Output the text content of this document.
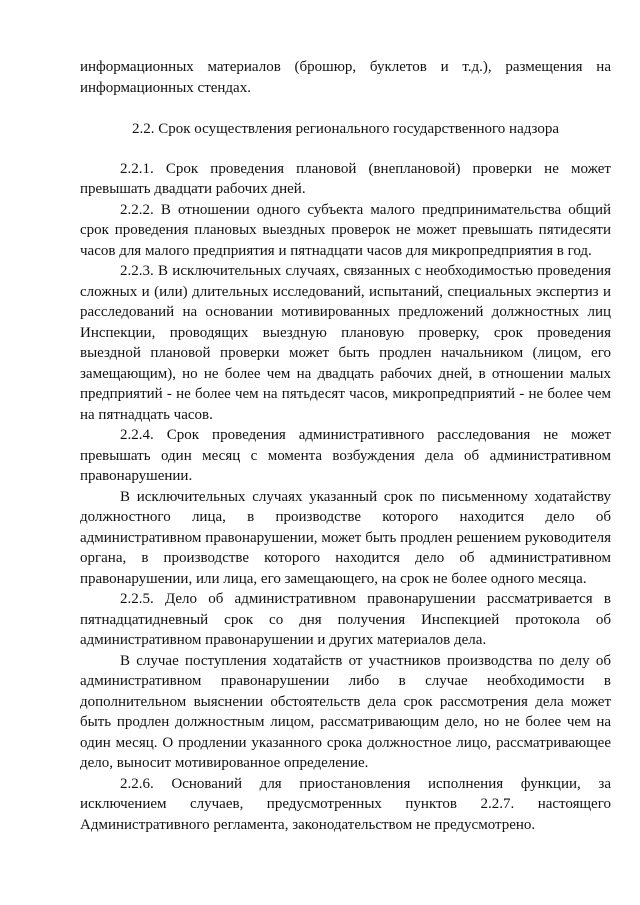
информационных материалов (брошюр, буклетов и т.д.), размещения на информационных стендах.

2.2. Срок осуществления регионального государственного надзора

2.2.1. Срок проведения плановой (внеплановой) проверки не может превышать двадцати рабочих дней.

2.2.2. В отношении одного субъекта малого предпринимательства общий срок проведения плановых выездных проверок не может превышать пятидесяти часов для малого предприятия и пятнадцати часов для микропредприятия в год.

2.2.3. В исключительных случаях, связанных с необходимостью проведения сложных и (или) длительных исследований, испытаний, специальных экспертиз и расследований на основании мотивированных предложений должностных лиц Инспекции, проводящих выездную плановую проверку, срок проведения выездной плановой проверки может быть продлен начальником (лицом, его замещающим), но не более чем на двадцать рабочих дней, в отношении малых предприятий - не более чем на пятьдесят часов, микропредприятий - не более чем на пятнадцать часов.

2.2.4. Срок проведения административного расследования не может превышать один месяц с момента возбуждения дела об административном правонарушении.

В исключительных случаях указанный срок по письменному ходатайству должностного лица, в производстве которого находится дело об административном правонарушении, может быть продлен решением руководителя органа, в производстве которого находится дело об административном правонарушении, или лица, его замещающего, на срок не более одного месяца.

2.2.5. Дело об административном правонарушении рассматривается в пятнадцатидневный срок со дня получения Инспекцией протокола об административном правонарушении и других материалов дела.

В случае поступления ходатайств от участников производства по делу об административном правонарушении либо в случае необходимости в дополнительном выяснении обстоятельств дела срок рассмотрения дела может быть продлен должностным лицом, рассматривающим дело, но не более чем на один месяц. О продлении указанного срока должностное лицо, рассматривающее дело, выносит мотивированное определение.

2.2.6. Оснований для приостановления исполнения функции, за исключением случаев, предусмотренных пунктов 2.2.7. настоящего Административного регламента, законодательством не предусмотрено.
